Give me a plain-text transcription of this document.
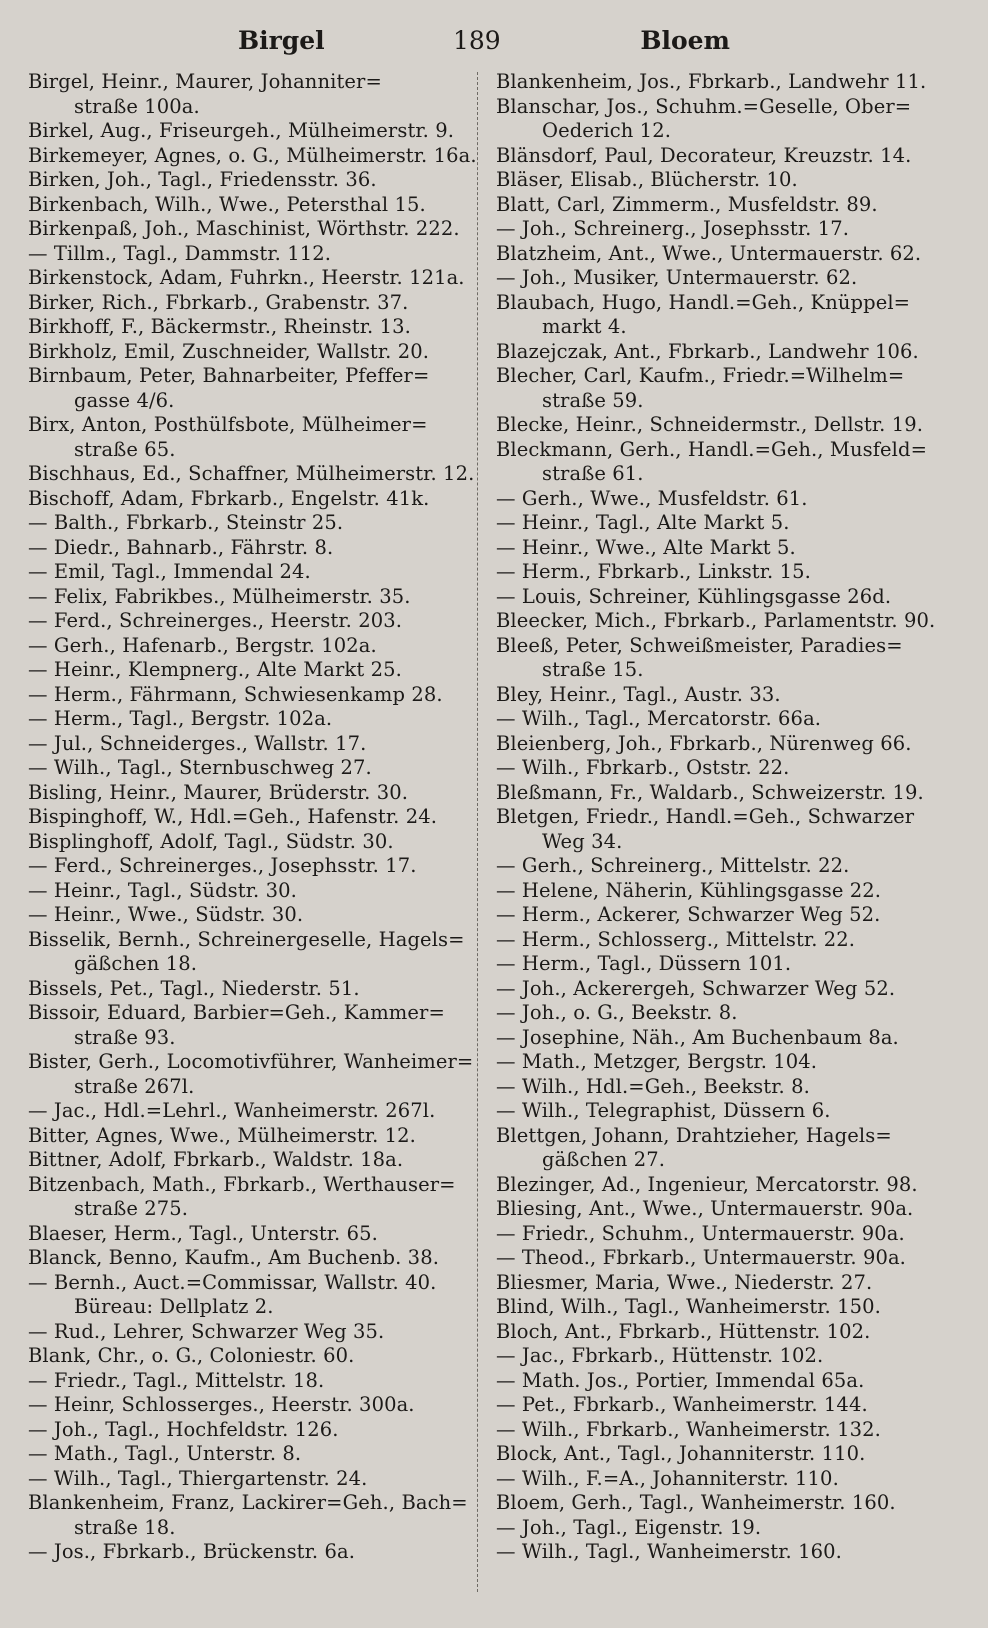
Birgel	189	Bloem
Birgel, Heinr., Maurer, Johanniter=
straße 100a.
Birkel, Aug., Friseurgeh., Mülheimerstr. 9.
Birkemeyer, Agnes, o. G., Mülheimerstr. 16a.
Birken, Joh., Tagl., Friedensstr. 36.
Birkenbach, Wilh., Wwe., Petersthal 15.
Birkenpaß, Joh., Maschinist, Wörthstr. 222.
— Tillm., Tagl., Dammstr. 112.
Birkenstock, Adam, Fuhrkn., Heerstr. 121a.
Birker, Rich., Fbrkarb., Grabenstr. 37.
Birkhoff, F., Bäckermstr., Rheinstr. 13.
Birkholz, Emil, Zuschneider, Wallstr. 20.
Birnbaum, Peter, Bahnarbeiter, Pfeffer=
gasse 4/6.
Birx, Anton, Posthülfsbote, Mülheimer=
straße 65.
Bischhaus, Ed., Schaffner, Mülheimerstr. 12.
Bischoff, Adam, Fbrkarb., Engelstr. 41k.
— Balth., Fbrkarb., Steinstr 25.
— Diedr., Bahnarb., Fährstr. 8.
— Emil, Tagl., Immendal 24.
— Felix, Fabrikbes., Mülheimerstr. 35.
— Ferd., Schreinerges., Heerstr. 203.
— Gerh., Hafenarb., Bergstr. 102a.
— Heinr., Klempnerg., Alte Markt 25.
— Herm., Fährmann, Schwiesenkamp 28.
— Herm., Tagl., Bergstr. 102a.
— Jul., Schneiderges., Wallstr. 17.
— Wilh., Tagl., Sternbuschweg 27.
Bisling, Heinr., Maurer, Brüderstr. 30.
Bispinghoff, W., Hdl.=Geh., Hafenstr. 24.
Bisplinghoff, Adolf, Tagl., Südstr. 30.
— Ferd., Schreinerges., Josephsstr. 17.
— Heinr., Tagl., Südstr. 30.
— Heinr., Wwe., Südstr. 30.
Bisselik, Bernh., Schreinergeselle, Hagels=
gäßchen 18.
Bissels, Pet., Tagl., Niederstr. 51.
Bissoir, Eduard, Barbier=Geh., Kammer=
straße 93.
Bister, Gerh., Locomotivführer, Wanheimer=
straße 267l.
— Jac., Hdl.=Lehrl., Wanheimerstr. 267l.
Bitter, Agnes, Wwe., Mülheimerstr. 12.
Bittner, Adolf, Fbrkarb., Waldstr. 18a.
Bitzenbach, Math., Fbrkarb., Werthauser=
straße 275.
Blaeser, Herm., Tagl., Unterstr. 65.
Blanck, Benno, Kaufm., Am Buchenb. 38.
— Bernh., Auct.=Commissar, Wallstr. 40.
Büreau: Dellplatz 2.
— Rud., Lehrer, Schwarzer Weg 35.
Blank, Chr., o. G., Coloniestr. 60.
— Friedr., Tagl., Mittelstr. 18.
— Heinr, Schlosserges., Heerstr. 300a.
— Joh., Tagl., Hochfeldstr. 126.
— Math., Tagl., Unterstr. 8.
— Wilh., Tagl., Thiergartenstr. 24.
Blankenheim, Franz, Lackirer=Geh., Bach=
straße 18.
— Jos., Fbrkarb., Brückenstr. 6a.
Blankenheim, Jos., Fbrkarb., Landwehr 11.
Blanschar, Jos., Schuhm.=Geselle, Ober=
Oederich 12.
Blänsdorf, Paul, Decorateur, Kreuzstr. 14.
Bläser, Elisab., Blücherstr. 10.
Blatt, Carl, Zimmerm., Musfeldstr. 89.
— Joh., Schreinerg., Josephsstr. 17.
Blatzheim, Ant., Wwe., Untermauerstr. 62.
— Joh., Musiker, Untermauerstr. 62.
Blaubach, Hugo, Handl.=Geh., Knüppel=
markt 4.
Blazejczak, Ant., Fbrkarb., Landwehr 106.
Blecher, Carl, Kaufm., Friedr.=Wilhelm=
straße 59.
Blecke, Heinr., Schneidermstr., Dellstr. 19.
Bleckmann, Gerh., Handl.=Geh., Musfeld=
straße 61.
— Gerh., Wwe., Musfeldstr. 61.
— Heinr., Tagl., Alte Markt 5.
— Heinr., Wwe., Alte Markt 5.
— Herm., Fbrkarb., Linkstr. 15.
— Louis, Schreiner, Kühlingsgasse 26d.
Bleecker, Mich., Fbrkarb., Parlamentstr. 90.
Bleeß, Peter, Schweißmeister, Paradies=
straße 15.
Bley, Heinr., Tagl., Austr. 33.
— Wilh., Tagl., Mercatorstr. 66a.
Bleienberg, Joh., Fbrkarb., Nürenweg 66.
— Wilh., Fbrkarb., Oststr. 22.
Bleßmann, Fr., Waldarb., Schweizerstr. 19.
Bletgen, Friedr., Handl.=Geh., Schwarzer
Weg 34.
— Gerh., Schreinerg., Mittelstr. 22.
— Helene, Näherin, Kühlingsgasse 22.
— Herm., Ackerer, Schwarzer Weg 52.
— Herm., Schlosserg., Mittelstr. 22.
— Herm., Tagl., Düssern 101.
— Joh., Ackerergeh, Schwarzer Weg 52.
— Joh., o. G., Beekstr. 8.
— Josephine, Näh., Am Buchenbaum 8a.
— Math., Metzger, Bergstr. 104.
— Wilh., Hdl.=Geh., Beekstr. 8.
— Wilh., Telegraphist, Düssern 6.
Blettgen, Johann, Drahtzieher, Hagels=
gäßchen 27.
Blezinger, Ad., Ingenieur, Mercatorstr. 98.
Bliesing, Ant., Wwe., Untermauerstr. 90a.
— Friedr., Schuhm., Untermauerstr. 90a.
— Theod., Fbrkarb., Untermauerstr. 90a.
Bliesmer, Maria, Wwe., Niederstr. 27.
Blind, Wilh., Tagl., Wanheimerstr. 150.
Bloch, Ant., Fbrkarb., Hüttenstr. 102.
— Jac., Fbrkarb., Hüttenstr. 102.
— Math. Jos., Portier, Immendal 65a.
— Pet., Fbrkarb., Wanheimerstr. 144.
— Wilh., Fbrkarb., Wanheimerstr. 132.
Block, Ant., Tagl., Johanniterstr. 110.
— Wilh., F.=A., Johanniterstr. 110.
Bloem, Gerh., Tagl., Wanheimerstr. 160.
— Joh., Tagl., Eigenstr. 19.
— Wilh., Tagl., Wanheimerstr. 160.
